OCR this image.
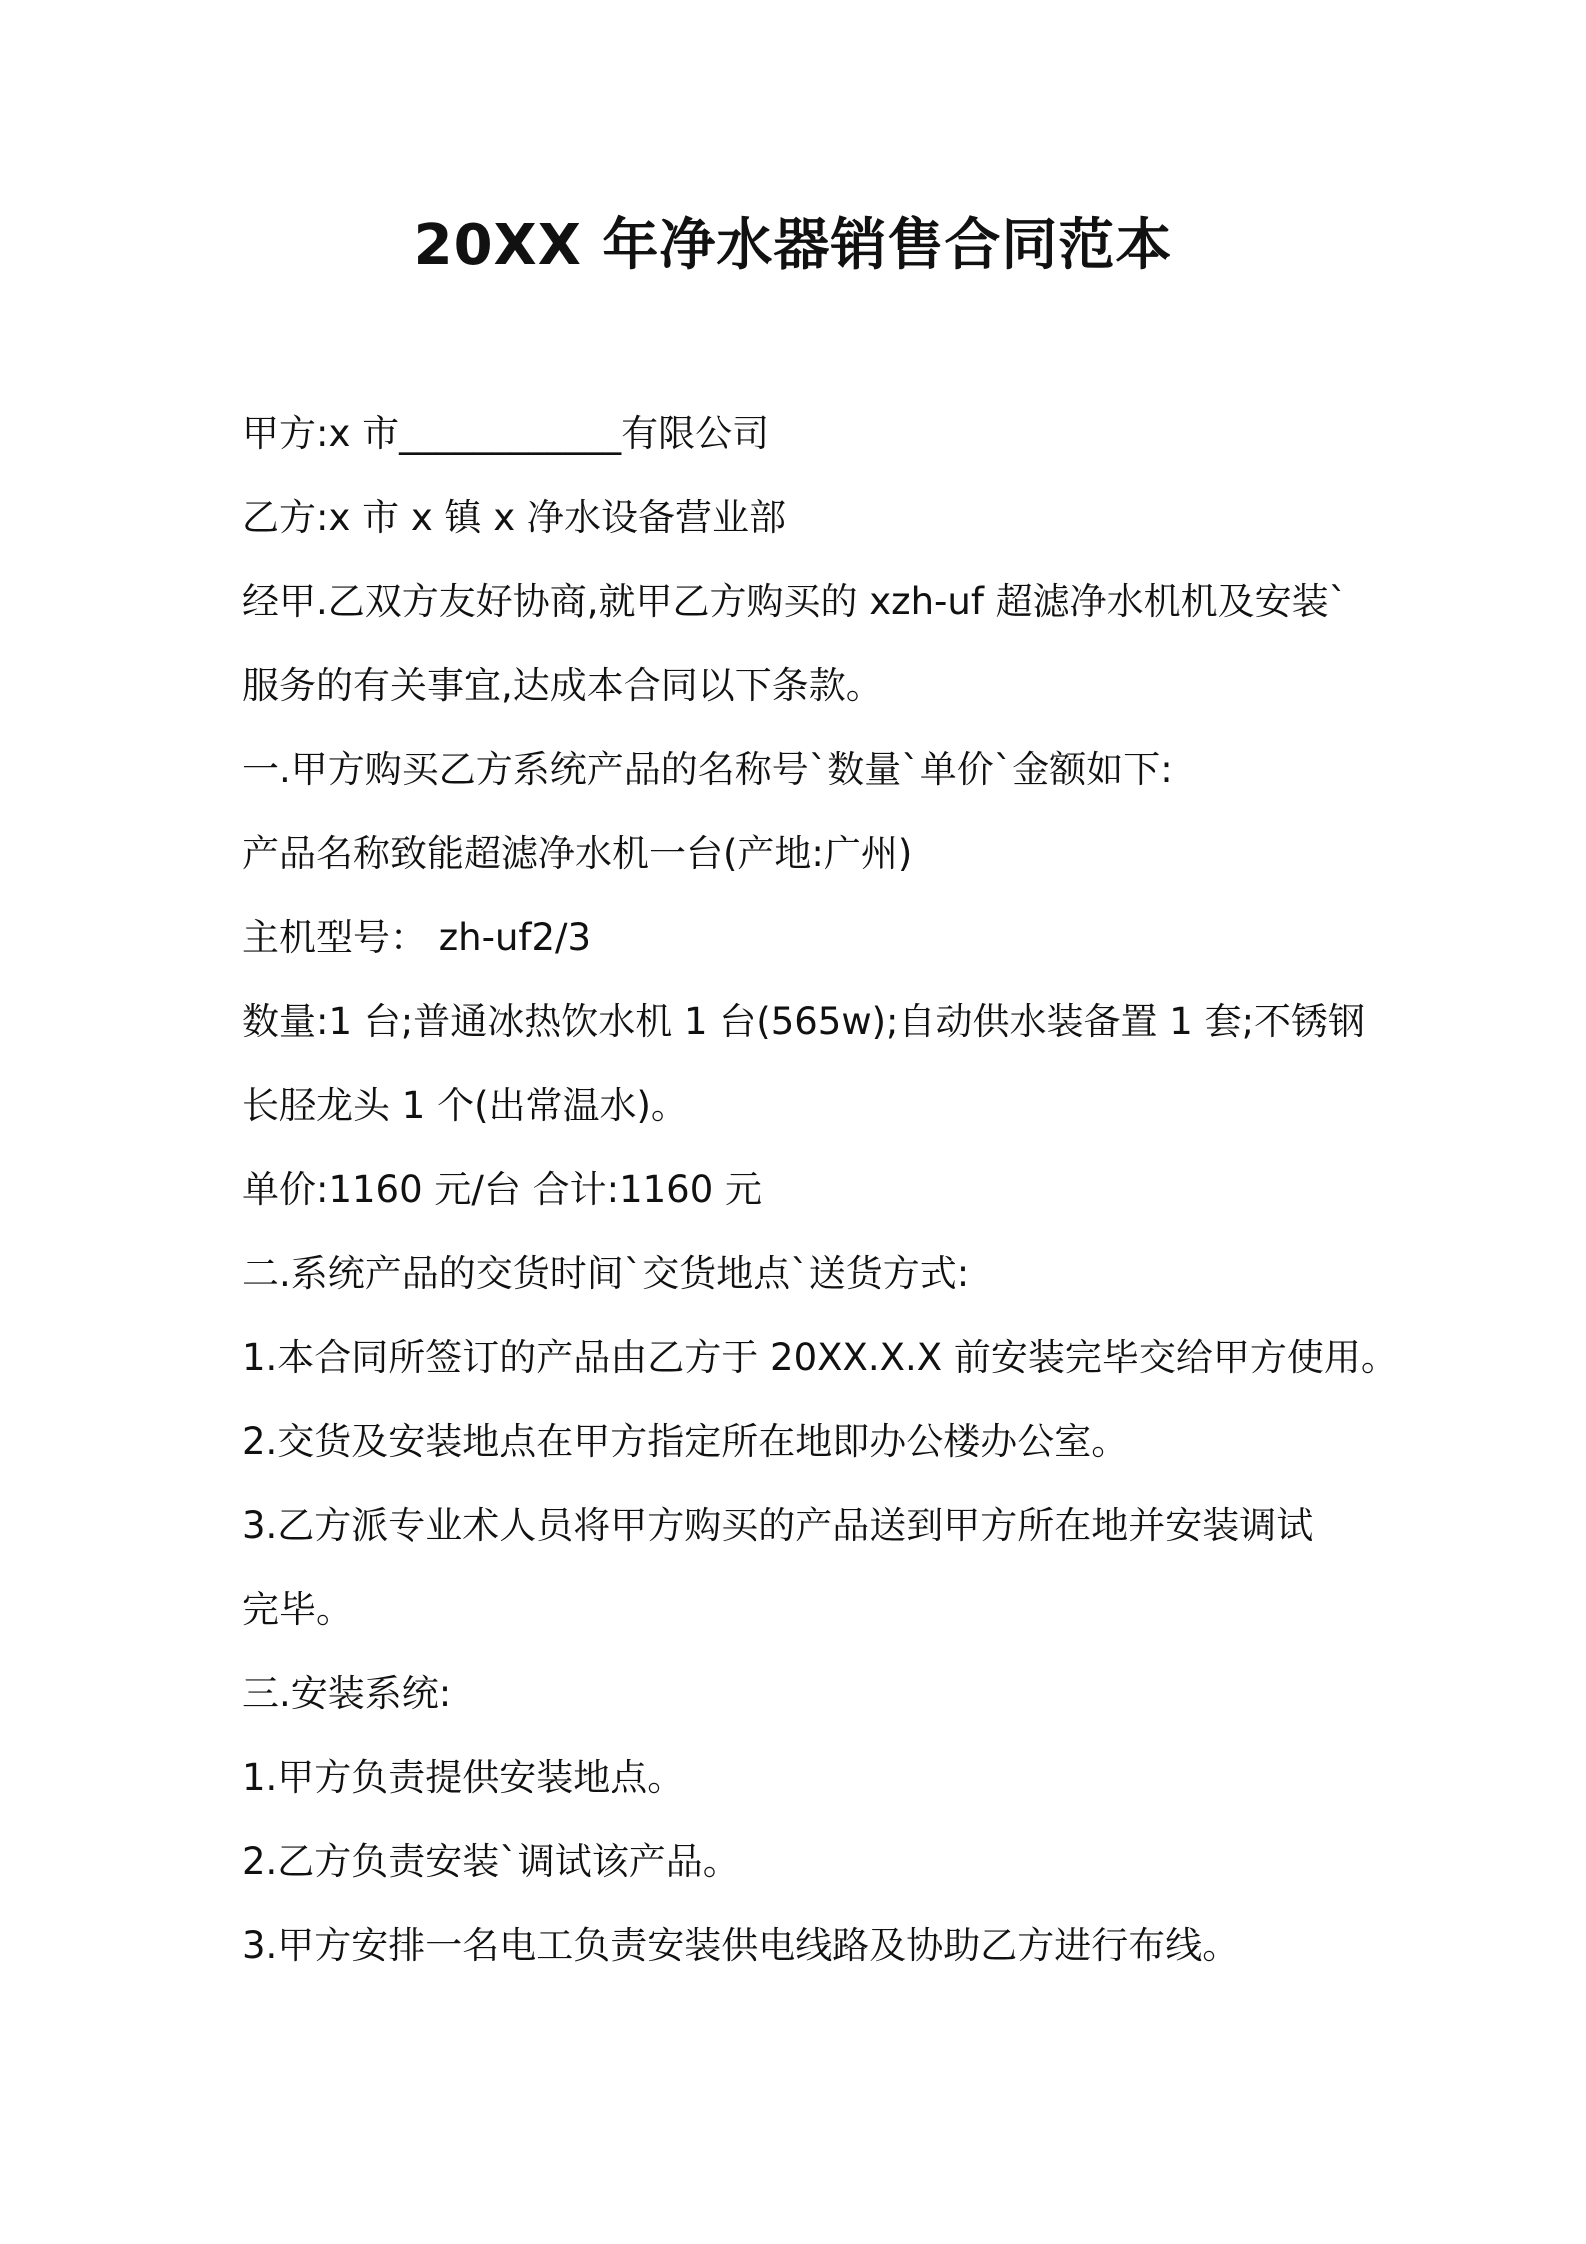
20XX 年净水器销售合同范本
甲方:x 市____________有限公司
乙方:x 市 x 镇 x 净水设备营业部
经甲.乙双方友好协商,就甲乙方购买的 xzh-uf 超滤净水机机及安装`
服务的有关事宜,达成本合同以下条款。
一.甲方购买乙方系统产品的名称号`数量`单价`金额如下:
产品名称致能超滤净水机一台(产地:广州)
主机型号： zh-uf2/3
数量:1 台;普通冰热饮水机 1 台(565w);自动供水装备置 1 套;不锈钢
长胫龙头 1 个(出常温水)。
单价:1160 元/台 合计:1160 元
二.系统产品的交货时间`交货地点`送货方式:
1.本合同所签订的产品由乙方于 20XX.X.X 前安装完毕交给甲方使用。
2.交货及安装地点在甲方指定所在地即办公楼办公室。
3.乙方派专业术人员将甲方购买的产品送到甲方所在地并安装调试
完毕。
三.安装系统:
1.甲方负责提供安装地点。
2.乙方负责安装`调试该产品。
3.甲方安排一名电工负责安装供电线路及协助乙方进行布线。
